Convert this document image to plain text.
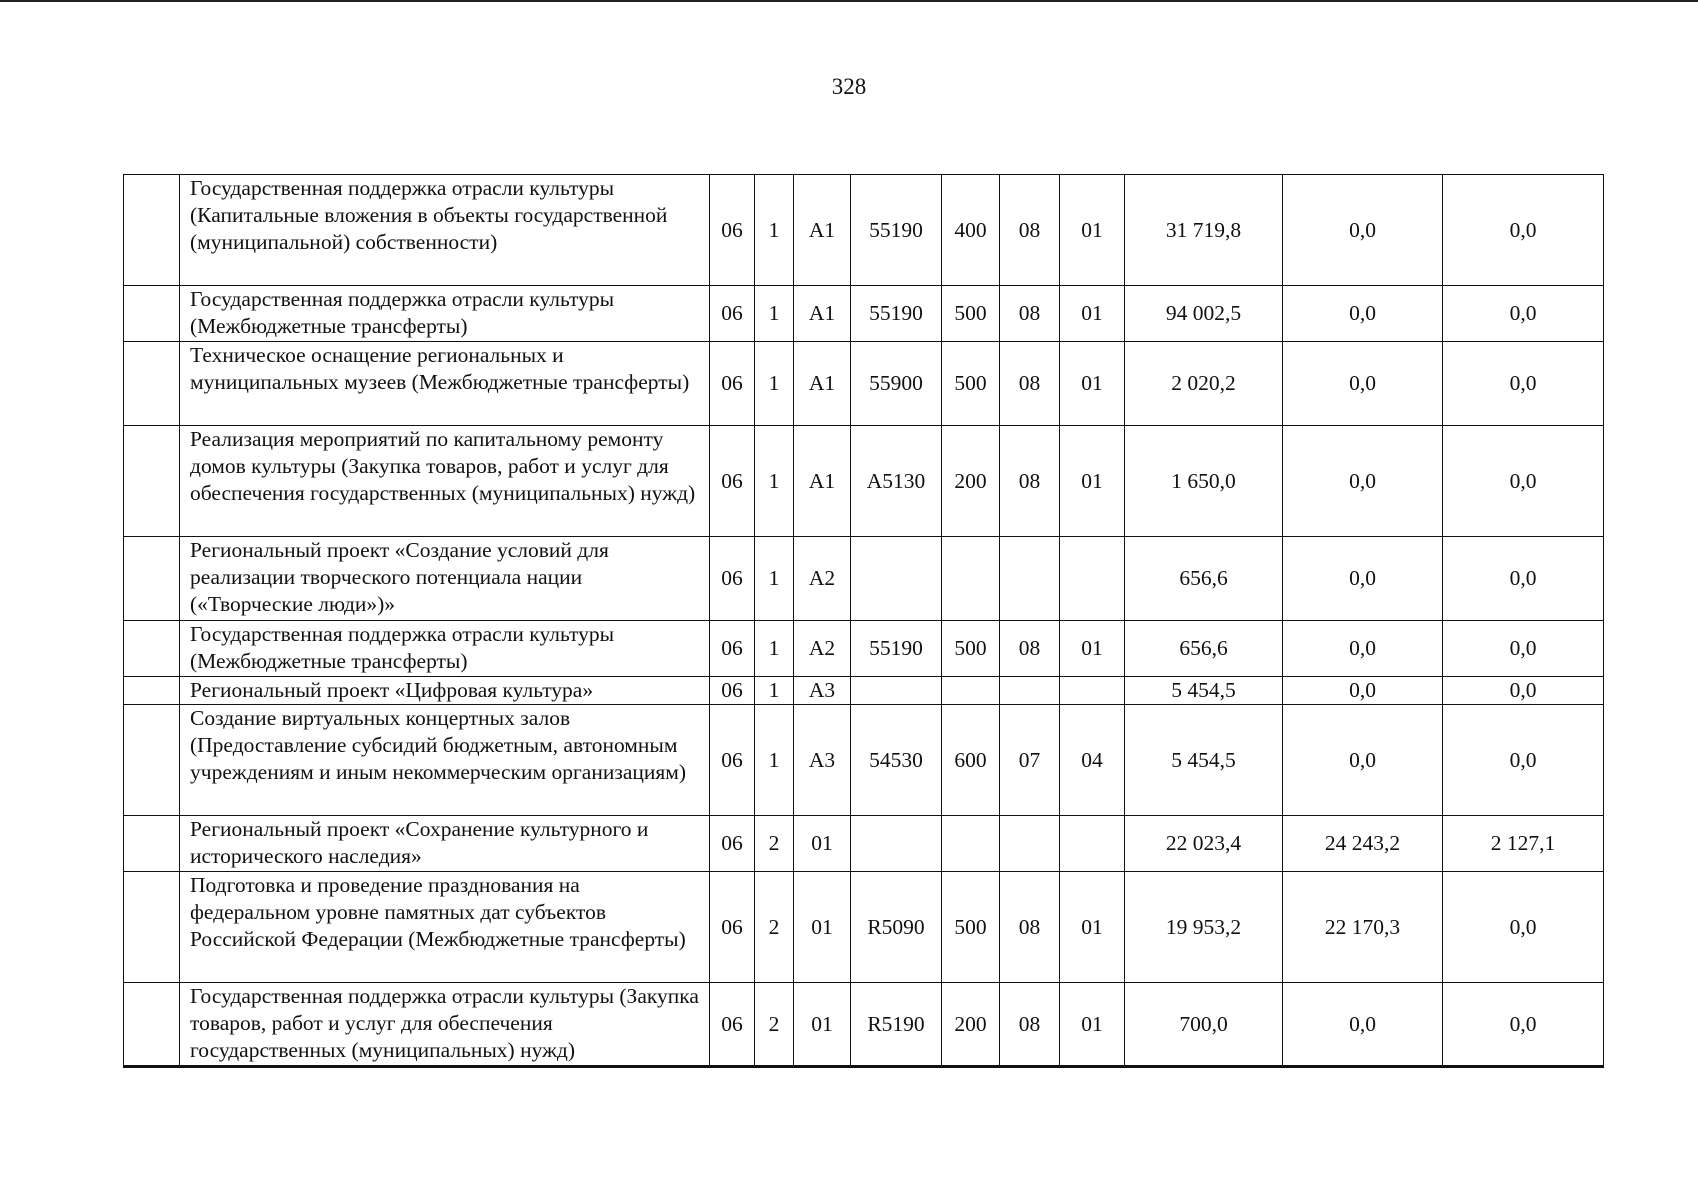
328
	Государственная поддержка отрасли культуры (Капитальные вложения в объекты государственной (муниципальной) собственности)	06	1	A1	55190	400	08	01	31 719,8	0,0	0,0
	Государственная поддержка отрасли культуры (Межбюджетные трансферты)	06	1	A1	55190	500	08	01	94 002,5	0,0	0,0
	Техническое оснащение региональных и муниципальных музеев (Межбюджетные трансферты)	06	1	A1	55900	500	08	01	2 020,2	0,0	0,0
	Реализация мероприятий по капитальному ремонту домов культуры (Закупка товаров, работ и услуг для обеспечения государственных (муниципальных) нужд)	06	1	A1	A5130	200	08	01	1 650,0	0,0	0,0
	Региональный проект «Создание условий для реализации творческого потенциала нации («Творческие люди»)»	06	1	A2					656,6	0,0	0,0
	Государственная поддержка отрасли культуры (Межбюджетные трансферты)	06	1	A2	55190	500	08	01	656,6	0,0	0,0
	Региональный проект «Цифровая культура»	06	1	A3					5 454,5	0,0	0,0
	Создание виртуальных концертных залов (Предоставление субсидий бюджетным, автономным учреждениям и иным некоммерческим организациям)	06	1	A3	54530	600	07	04	5 454,5	0,0	0,0
	Региональный проект «Сохранение культурного и исторического наследия»	06	2	01					22 023,4	24 243,2	2 127,1
	Подготовка и проведение празднования на федеральном уровне памятных дат субъектов Российской Федерации (Межбюджетные трансферты)	06	2	01	R5090	500	08	01	19 953,2	22 170,3	0,0
	Государственная поддержка отрасли культуры (Закупка товаров, работ и услуг для обеспечения государственных (муниципальных) нужд)	06	2	01	R5190	200	08	01	700,0	0,0	0,0
